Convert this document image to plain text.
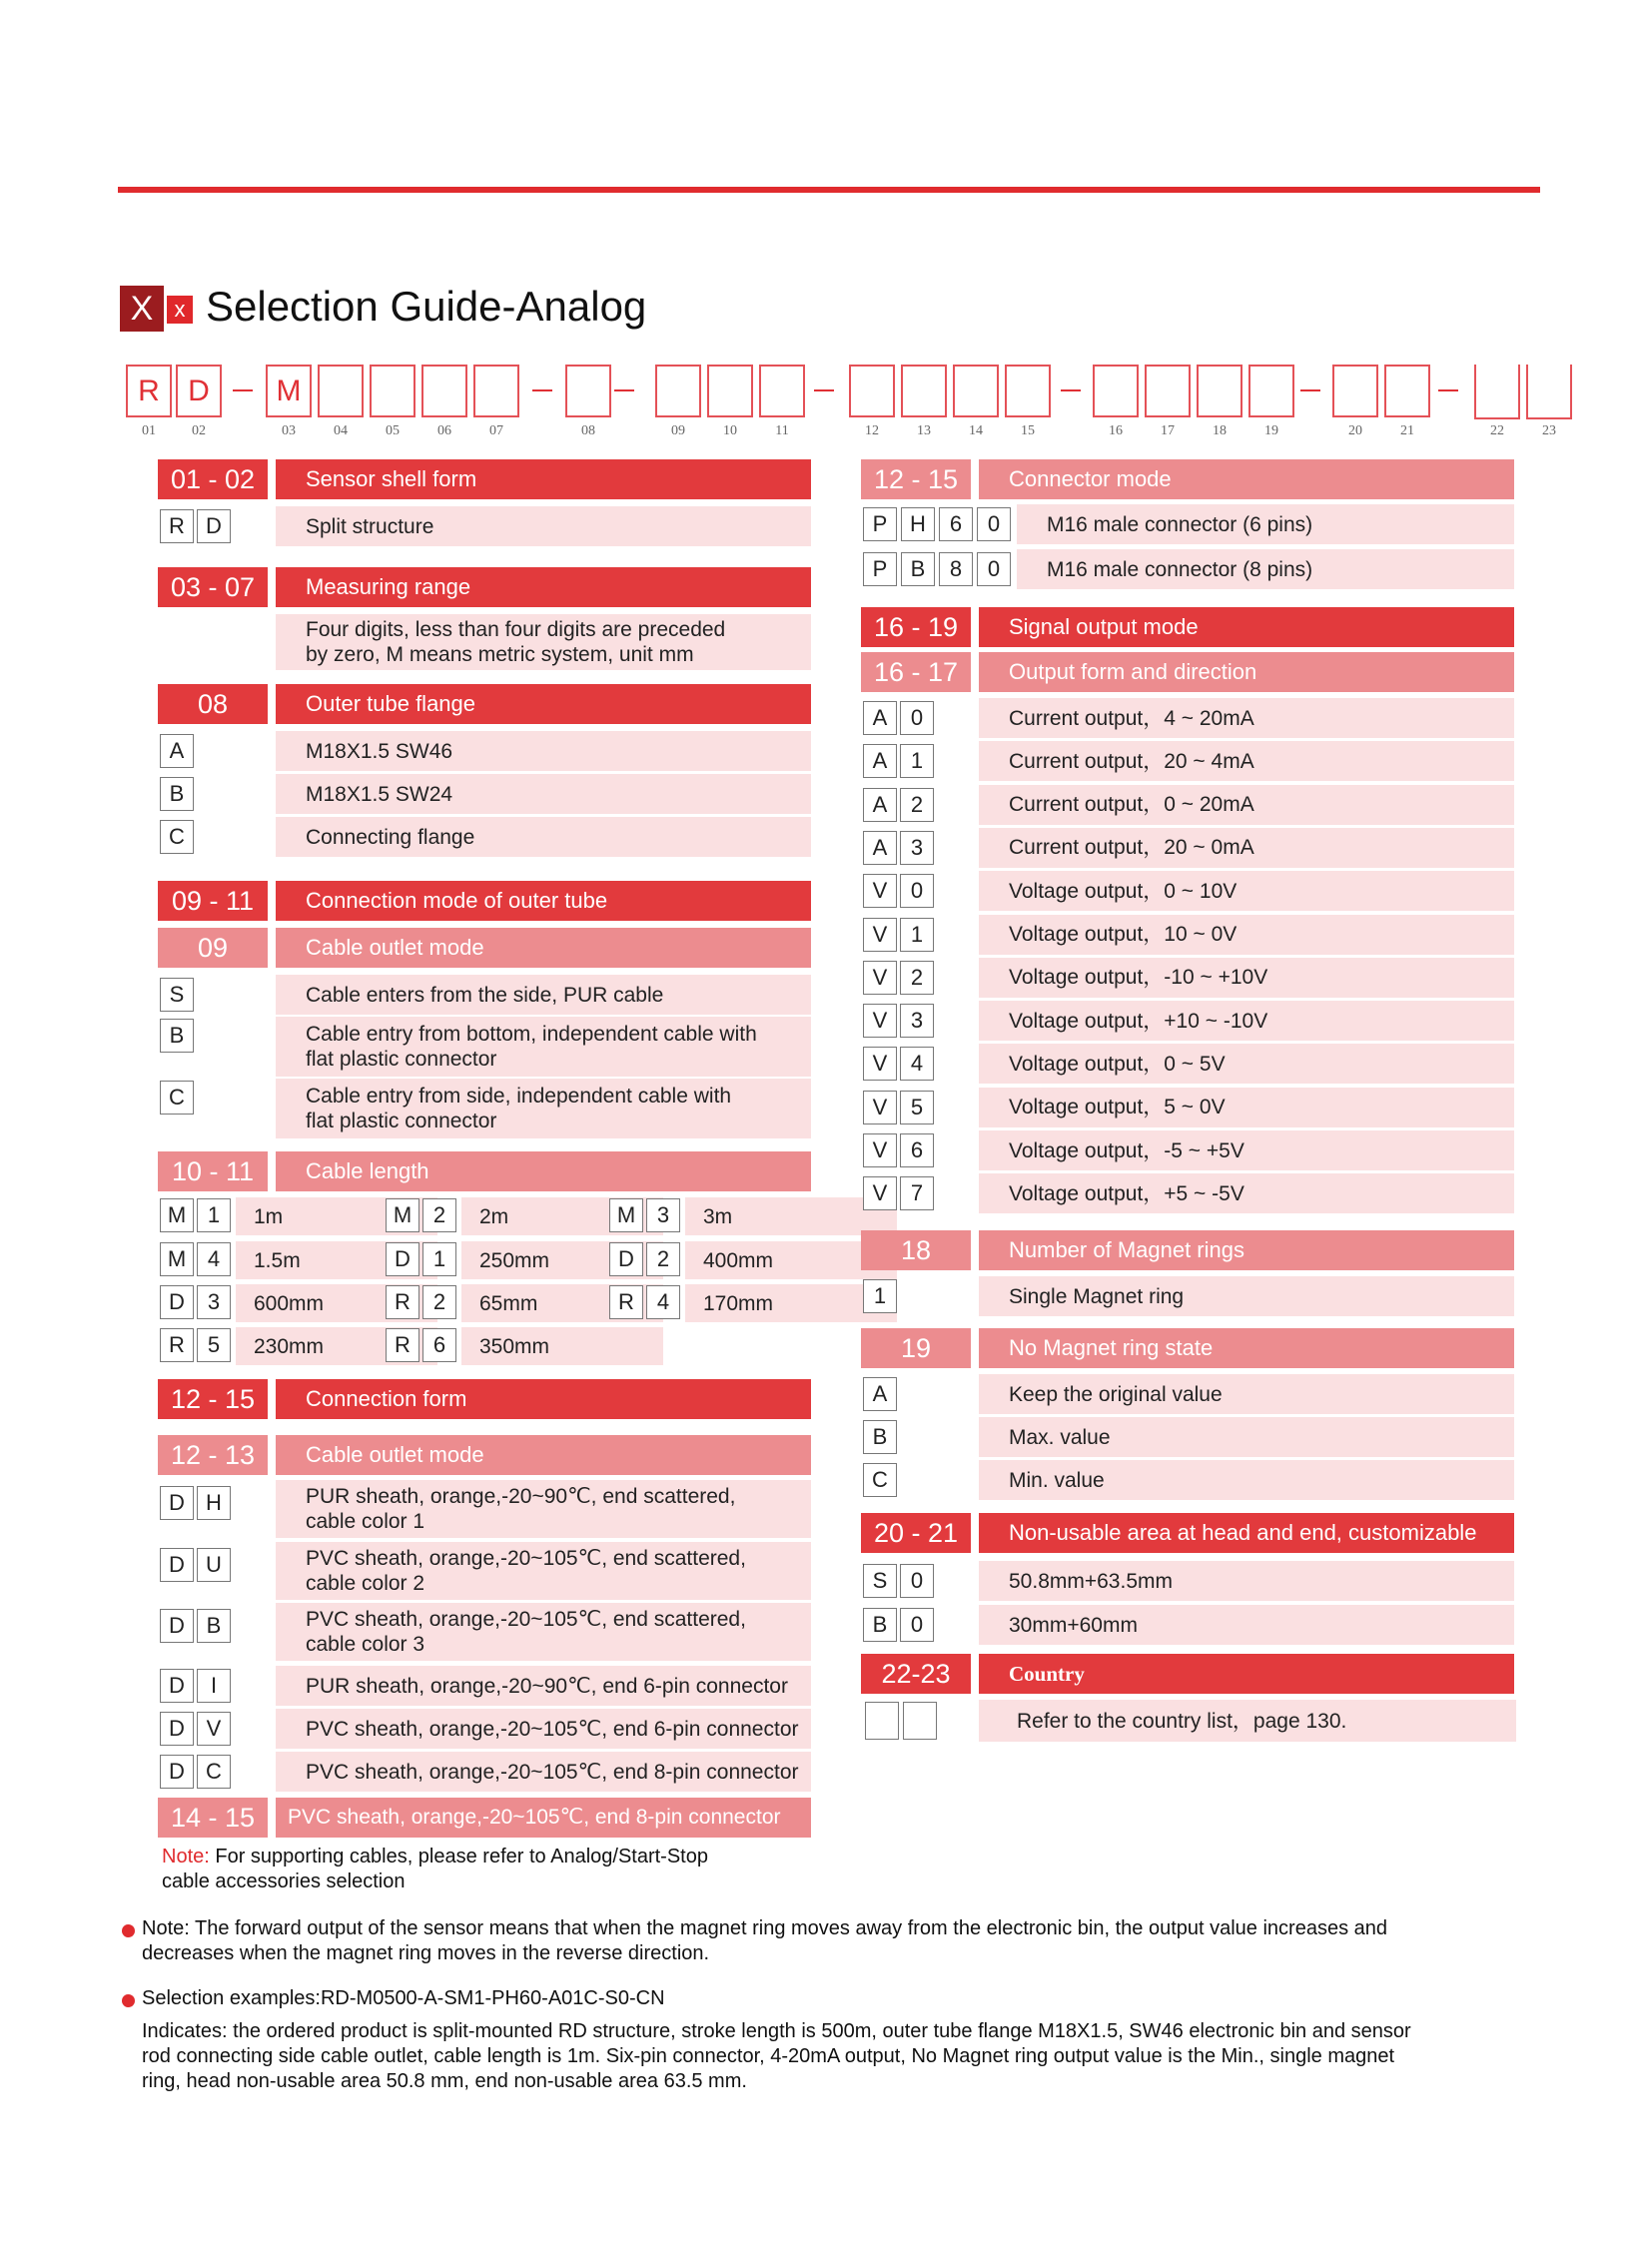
X x Selection Guide-Analog
R
01
D
02
M
03	04	05	06	07	08	09	10	11	12	13	14	15	16	17	18	19	20	21	22	23
01 - 02	Sensor shell form
R D	Split structure
03 - 07	Measuring range
Four digits, less than four digits are preceded
by zero, M means metric system, unit mm
08	Outer tube flange
A	M18X1.5 SW46
B	M18X1.5 SW24
C	Connecting flange
09 - 11	Connection mode of outer tube
09	Cable outlet mode
S	Cable enters from the side, PUR cable
B	Cable entry from bottom, independent cable with
flat plastic connector
C	Cable entry from side, independent cable with
flat plastic connector
10 - 11	Cable length
M 1	1m	M 2	2m	M 3	3m
M 4	1.5m	D	1	250mm	D	2	400mm
D	3	600mm	R	2	65mm	R	4	170mm
R	5	230mm	R	6	350mm
12 - 15	Connection form
12 - 13	Cable outlet mode
D H	PUR sheath, orange,-20~90℃, end scattered,
cable color 1
D U	PVC sheath, orange,-20~105℃, end scattered,
cable color 2
D B	PVC sheath, orange,-20~105℃, end scattered,
cable color 3
D	I	PUR sheath, orange,-20~90℃, end 6-pin connector
D V	PVC sheath, orange,-20~105℃, end 6-pin connector
D C	PVC sheath, orange,-20~105℃, end 8-pin connector
14 - 15	PVC sheath, orange,-20~105℃, end 8-pin connector
12 - 15	Connector mode
P	H	6	0	M16 male connector (6 pins)
P	B	8	0	M16 male connector (8 pins)
16 - 19	Signal output mode
16 - 17	Output form and direction
A	0	Current output，4 ~ 20mA
A	1	Current output，20 ~ 4mA
A	2	Current output，0 ~ 20mA
A	3	Current output，20 ~ 0mA
V	0	Voltage output，0 ~ 10V
V	1	Voltage output，10 ~ 0V
V	2	Voltage output，-10 ~ +10V
V	3	Voltage output，+10 ~ -10V
V	4	Voltage output，0 ~ 5V
V	5	Voltage output，5 ~ 0V
V	6	Voltage output，-5 ~ +5V
V	7	Voltage output，+5 ~ -5V
18	Number of Magnet rings
1	Single Magnet ring
19	No Magnet ring state
A	Keep the original value
B	Max. value
C	Min. value
20 - 21	Non-usable area at head and end, customizable
S	0	50.8mm+63.5mm
B	0	30mm+60mm
22-23	Country
Refer to the country list，page 130.
Note: For supporting cables, please refer to Analog/Start-Stop
cable accessories selection
Note: The forward output of the sensor means that when the magnet ring moves away from the electronic bin, the output value increases and
decreases when the magnet ring moves in the reverse direction.
Selection examples:RD-M0500-A-SM1-PH60-A01C-S0-CN
Indicates: the ordered product is split-mounted RD structure, stroke length is 500m, outer tube flange M18X1.5, SW46 electronic bin and sensor
rod connecting side cable outlet, cable length is 1m. Six-pin connector, 4-20mA output, No Magnet ring output value is the Min., single magnet
ring, head non-usable area 50.8 mm, end non-usable area 63.5 mm.
